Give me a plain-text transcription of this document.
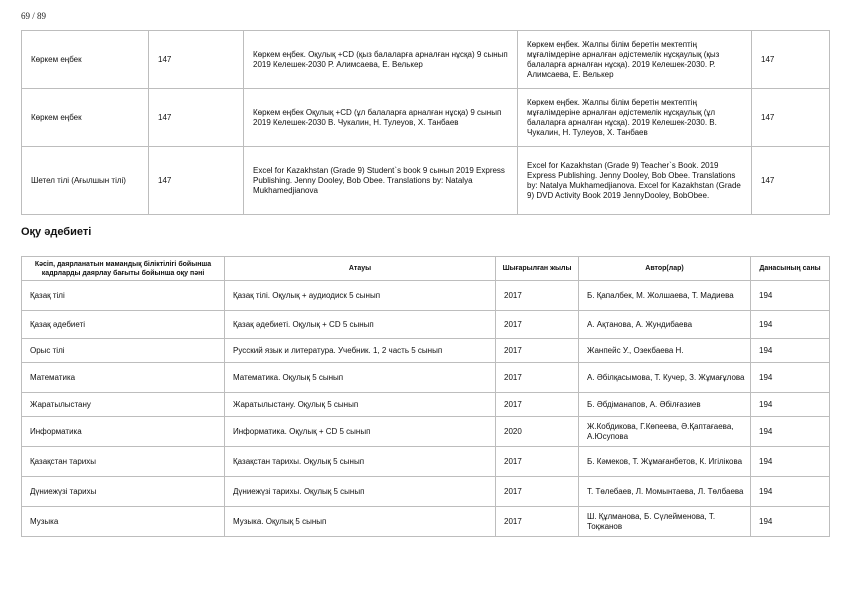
69 / 89
Көркем еңбек	147	Көркем еңбек. Оқулық +CD (қыз балаларға арналған нұсқа) 9 сынып 2019 Келешек-2030 Р. Алимсаева, Е. Велькер	Көркем еңбек. Жалпы білім беретін мектептің мұғалімдеріне арналған әдістемелік нұсқаулық (қыз балаларға арналған нұсқа). 2019 Келешек-2030. Р. Алимсаева, Е. Велькер	147
Көркем еңбек	147	Көркем еңбек Оқулық +CD (ұл балаларға арналған нұсқа) 9 сынып 2019 Келешек-2030 В. Чукалин, Н. Тулеуов, Х. Танбаев	Көркем еңбек. Жалпы білім беретін мектептің мұғалімдеріне арналған әдістемелік нұсқаулық (ұл балаларға арналған нұсқа). 2019 Келешек-2030. В. Чукалин, Н. Тулеуов, Х. Танбаев	147
Шетел тілі (Ағылшын тілі)	147	Excel for Kazakhstan (Grade 9) Student`s book 9 сынып 2019 Express Publishing. Jenny Dooley, Bob Obee. Translations by: Natalya Mukhamedjianova	Excel for Kazakhstan (Grade 9) Teacher`s Book. 2019 Express Publishing. Jenny Dooley, Bob Obee. Translations by: Natalya Mukhamedjianova. Excel for Kazakhstan (Grade 9) DVD Activity Book 2019 JennyDooley, BobObee.	147
Оқу әдебиеті
Кәсіп, даярланатын мамандық біліктілігі бойынша кадрларды даярлау бағыты бойынша оқу пәні	Атауы	Шығарылған жылы	Автор(лар)	Данасының саны
Қазақ тілі	Қазақ тілі. Оқулық + аудиодиск 5 сынып	2017	Б. Қапалбек, М. Жолшаева, Т. Мадиева	194
Қазақ әдебиеті	Қазақ әдебиеті. Оқулық + CD 5 сынып	2017	А. Ақтанова, А. Жундибаева	194
Орыс тілі	Русский язык и литература. Учебник. 1, 2 часть 5 сынып	2017	Жанпейс У., Озекбаева Н.	194
Математика	Математика. Оқулық 5 сынып	2017	А. Әбілқасымова, Т. Кучер, З. Жұмағұлова	194
Жаратылыстану	Жаратылыстану. Оқулық 5 сынып	2017	Б. Әбдіманапов, А. Әбілғазиев	194
Информатика	Информатика. Оқулық + CD 5 сынып	2020	Ж.Кобдикова, Г.Көпеева, Ә.Қаптағаева, А.Юсупова	194
Қазақстан тарихы	Қазақстан тарихы. Оқулық 5 сынып	2017	Б. Кәмеков, Т. Жұмағанбетов, К. Игілікова	194
Дүниежүзі тарихы	Дүниежүзі тарихы. Оқулық 5 сынып	2017	Т. Төлебаев, Л. Момынтаева, Л. Төлбаева	194
Музыка	Музыка. Оқулық 5 сынып	2017	Ш. Құлманова, Б. Сүлейменова, Т. Тоқжанов	194
